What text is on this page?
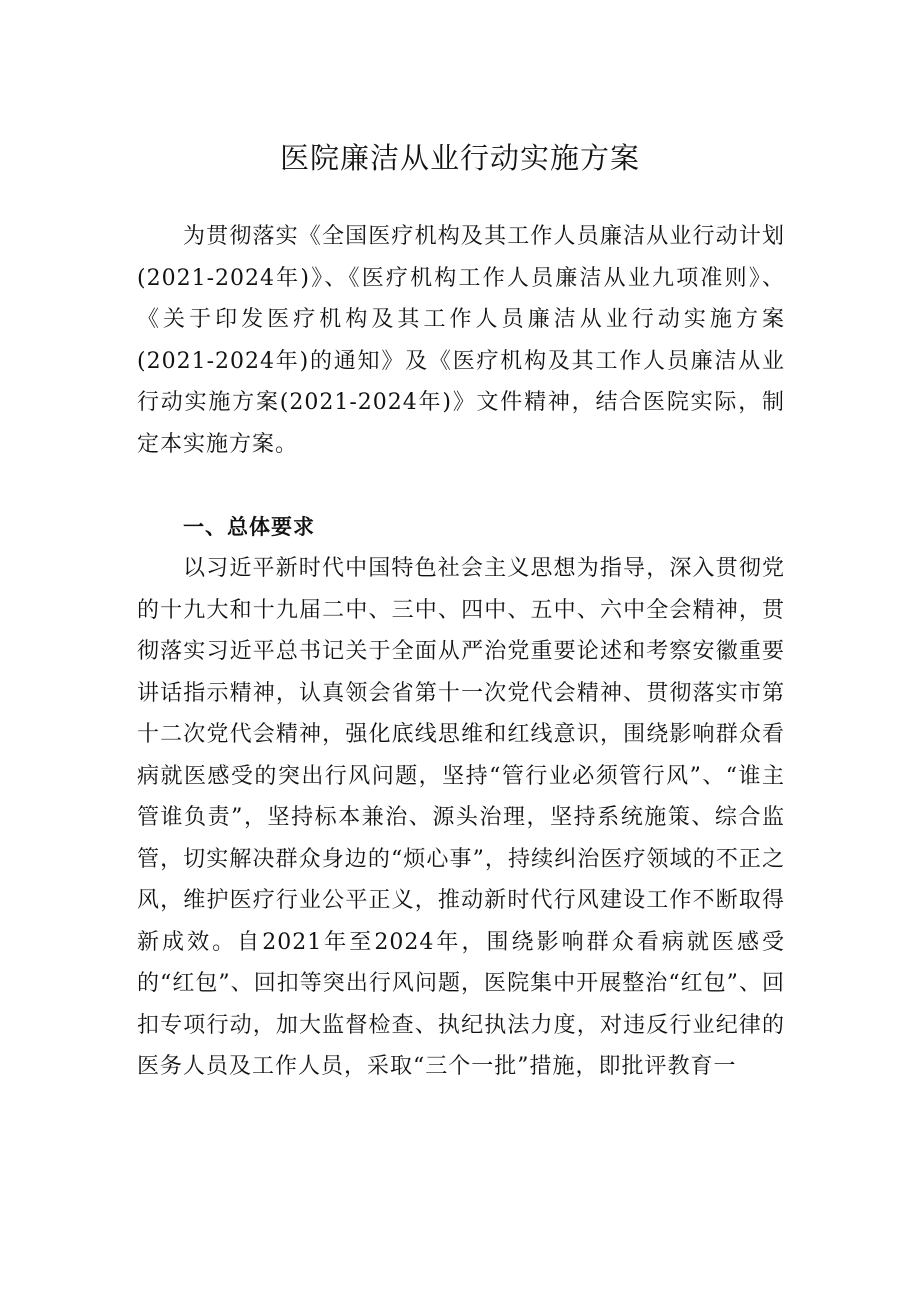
医院廉洁从业行动实施方案

为贯彻落实《全国医疗机构及其工作人员廉洁从业行动计划(2021-2024年)》、《医疗机构工作人员廉洁从业九项准则》、《关于印发医疗机构及其工作人员廉洁从业行动实施方案(2021-2024年)的通知》及《医疗机构及其工作人员廉洁从业行动实施方案(2021-2024年)》文件精神，结合医院实际，制定本实施方案。

一、总体要求

以习近平新时代中国特色社会主义思想为指导，深入贯彻党的十九大和十九届二中、三中、四中、五中、六中全会精神，贯彻落实习近平总书记关于全面从严治党重要论述和考察安徽重要讲话指示精神，认真领会省第十一次党代会精神、贯彻落实市第十二次党代会精神，强化底线思维和红线意识，围绕影响群众看病就医感受的突出行风问题，坚持“管行业必须管行风”、“谁主管谁负责”，坚持标本兼治、源头治理，坚持系统施策、综合监管，切实解决群众身边的“烦心事”，持续纠治医疗领域的不正之风，维护医疗行业公平正义，推动新时代行风建设工作不断取得新成效。自2021年至2024年，围绕影响群众看病就医感受的“红包”、回扣等突出行风问题，医院集中开展整治“红包”、回扣专项行动，加大监督检查、执纪执法力度，对违反行业纪律的医务人员及工作人员，采取“三个一批”措施，即批评教育一
